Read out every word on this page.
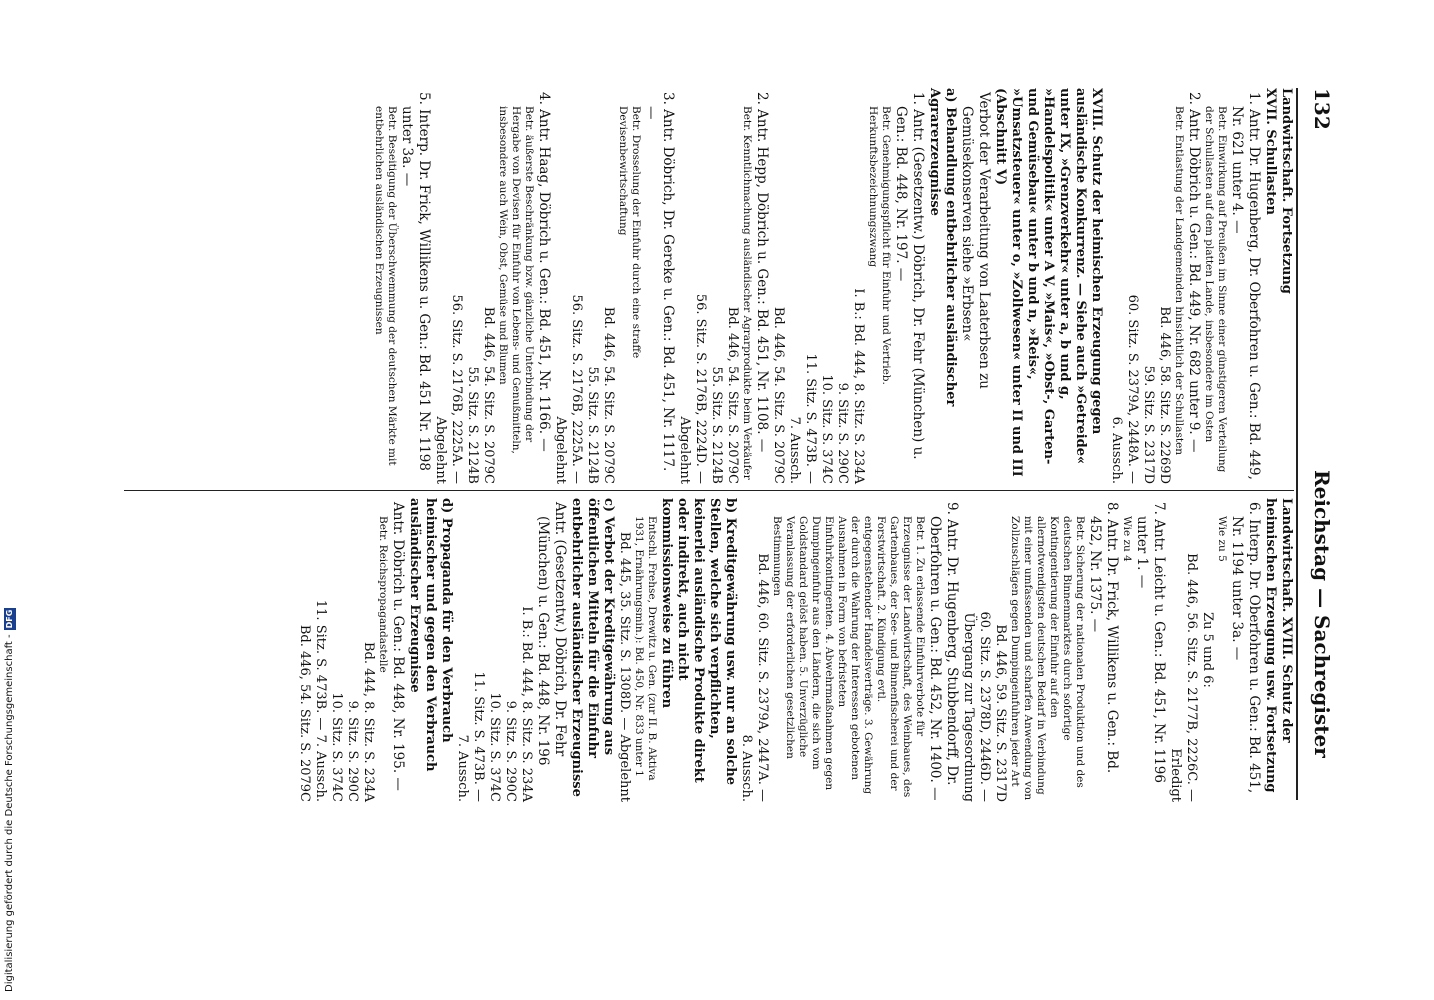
132
Reichstag — Sachregister

Landwirtschaft. Fortsetzung

XVII. Schullasten

1. Antr. Dr. Hugenberg, Dr. Oberfohren u. Gen.: Bd. 449, Nr. 621 unter 4. —

Betr. Einwirkung auf Preußen im Sinne einer günstigeren Verteilung der Schullasten auf dem platten Lande, insbesondere im Osten

2. Antr. Döbrich u. Gen.: Bd. 449, Nr. 682 unter 9. —

Betr. Entlastung der Landgemeinden hinsichtlich der Schullasten

Bd. 446, 58. Sitz. S. 2269D

59. Sitz. S. 2317D

60. Sitz. S. 2379A, 2448A. —

6. Aussch.

XVIII. Schutz der heimischen Erzeugung gegen ausländische Konkurrenz. — Siehe auch »Getreide« unter IX, »Grenzverkehr« unter a, b und g, »Handelspolitik« unter A V, »Mais«, »Obst-, Garten- und Gemüsebau« unter b und n, »Reis«, »Umsatzsteuer« unter o, »Zollwesen« unter II und III (Abschnitt V)

Verbot der Verarbeitung von Laaterbsen zu Gemüsekonserven siehe »Erbsen«

a) Behandlung entbehrlicher ausländischer Agrarerzeugnisse

1. Antr. (Gesetzentw.) Döbrich, Dr. Fehr (München) u. Gen.: Bd. 448, Nr. 197. —

Betr. Genehmigungspflicht für Einfuhr und Vertrieb. Herkunftsbezeichnungszwang

I. B.: Bd. 444, 8. Sitz. S. 234A

9. Sitz. S. 290C

10. Sitz. S. 374C

11. Sitz. S. 473B. —

7. Aussch.

Bd. 446, 54. Sitz. S. 2079C

2. Antr. Hepp, Döbrich u. Gen.: Bd. 451, Nr. 1108. —

Betr. Kenntlichmachung ausländischer Agrarprodukte beim Verkäufer

Bd. 446, 54. Sitz. S. 2079C

55. Sitz. S. 2124B

56. Sitz. S. 2176B, 2224D. —

Abgelehnt

3. Antr. Döbrich, Dr. Gereke u. Gen.: Bd. 451, Nr. 1117. —

Betr. Drosselung der Einfuhr durch eine straffe Devisenbewirtschaftung

Bd. 446, 54. Sitz. S. 2079C

55. Sitz. S. 2124B

56. Sitz. S. 2176B, 2225A. —

Abgelehnt

4. Antr. Haag, Döbrich u. Gen.: Bd. 451, Nr. 1166. —

Betr. äußerste Beschränkung bzw. gänzliche Unterbindung der Hergabe von Devisen für Einfuhr von Lebens- und Genußmitteln, insbesondere auch Wein, Obst, Gemüse und Blumen

Bd. 446, 54. Sitz. S. 2079C

55. Sitz. S. 2124B

56. Sitz. S. 2176B, 2225A. —

Abgelehnt

5. Interp. Dr. Frick, Willikens u. Gen.: Bd. 451 Nr. 1198 unter 3a. —

Betr. Beseitigung der Überschwemmung der deutschen Märkte mit entbehrlichen ausländischen Erzeugnissen

Landwirtschaft. XVIII. Schutz der heimischen Erzeugung usw. Fortsetzung

6. Interp. Dr. Oberfohren u. Gen.: Bd. 451, Nr. 1194 unter 3a. —

Wie zu 5

Zu 5 und 6:

Bd. 446, 56. Sitz. S. 2177B, 2226C. —

Erledigt

7. Antr. Leicht u. Gen.: Bd. 451, Nr. 1196 unter 1. —

Wie zu 4

8. Antr. Dr. Frick, Willikens u. Gen.: Bd. 452, Nr. 1375. —

Betr. Sicherung der nationalen Produktion und des deutschen Binnenmarktes durch sofortige Kontingentierung der Einfuhr auf den allernotwendigsten deutschen Bedarf in Verbindung mit einer umfassenden und scharfen Anwendung von Zollzuschlägen gegen Dumpingeinfuhren jeder Art

Bd. 446, 59. Sitz. S. 2317D

60. Sitz. S. 2378D, 2446D. —

Übergang zur Tagesordnung

9. Antr. Dr. Hugenberg, Stubbendorff, Dr. Oberfohren u. Gen.: Bd. 452, Nr. 1400. —

Betr. 1. Zu erlassende Einfuhrverbote für Erzeugnisse der Landwirtschaft, des Weinbaues, des Gartenbaues, der See- und Binnenfischerei und der Forstwirtschaft. 2. Kündigung evtl. entgegenstehender Handelsverträge. 3. Gewährung der durch die Wahrung der Interessen gebotenen Ausnahmen in Form von befristeten Einfuhrkontingenten. 4. Abwehrmaßnahmen gegen Dumpingeinfuhr aus den Ländern, die sich vom Goldstandard gelöst haben. 5. Unverzügliche Veranlassung der erforderlichen gesetzlichen Bestimmungen

Bd. 446, 60. Sitz. S. 2379A, 2447A. —

8. Aussch.

b) Kreditgewährung usw. nur an solche Stellen, welche sich verpflichten, keinerlei ausländische Produkte direkt oder indirekt, auch nicht kommissionsweise zu führen

Entschl. Frehse, Drewitz u. Gen. (zur II. B. Aktiva 1931, Ernährungsmin.): Bd. 450, Nr. 833 unter 1

Bd. 445, 35. Sitz. S. 1308D. — Abgelehnt

c) Verbot der Kreditgewährung aus öffentlichen Mitteln für die Einfuhr entbehrlicher ausländischer Erzeugnisse

Antr. (Gesetzentw.) Döbrich, Dr. Fehr (München) u. Gen.: Bd. 448, Nr. 196

I. B.: Bd. 444, 8. Sitz. S. 234A

9. Sitz. S. 290C

10. Sitz. S. 374C

11. Sitz. S. 473B. —

7. Aussch.

d) Propaganda für den Verbrauch heimischer und gegen den Verbrauch ausländischer Erzeugnisse

Antr. Döbrich u. Gen.: Bd. 448, Nr. 195. —

Betr. Reichspropagandastelle

Bd. 444, 8. Sitz. S. 234A

9. Sitz. S. 290C

10. Sitz. S. 374C

11. Sitz. S. 473B. — 7. Aussch.

Bd. 446, 54. Sitz. S. 2079C

Digitalisierung gefördert durch die Deutsche Forschungsgemeinschaft -DFG
